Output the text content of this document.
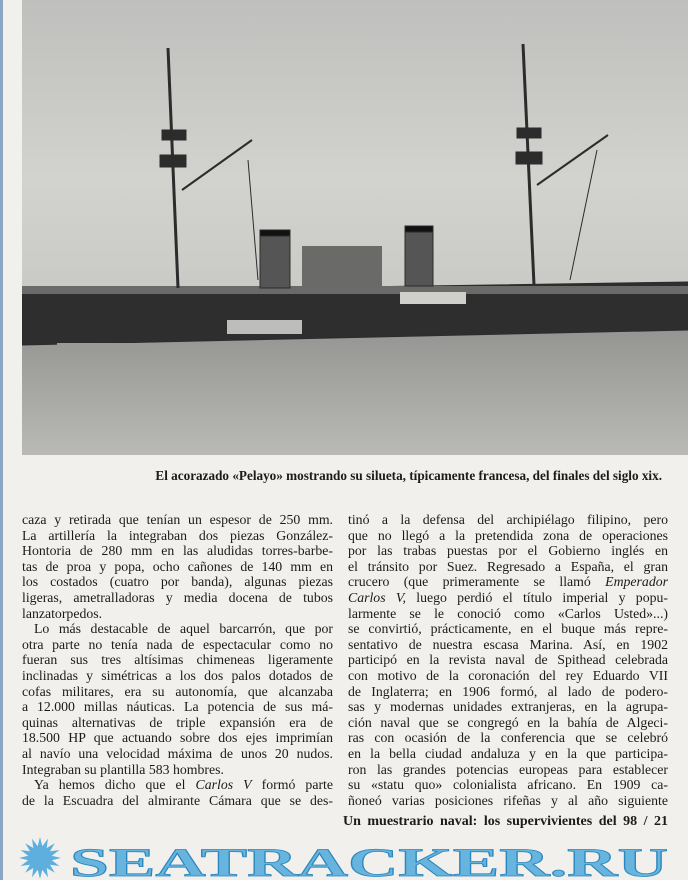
El acorazado «Pelayo» mostrando su silueta, típicamente francesa, del finales del siglo xix.
caza y retirada que tenían un espesor de 250 mm.
La artillería la integraban dos piezas González-
Hontoria de 280 mm en las aludidas torres-barbe-
tas de proa y popa, ocho cañones de 140 mm en
los costados (cuatro por banda), algunas piezas
ligeras, ametralladoras y media docena de tubos
lanzatorpedos.
Lo más destacable de aquel barcarrón, que por
otra parte no tenía nada de espectacular como no
fueran sus tres altísimas chimeneas ligeramente
inclinadas y simétricas a los dos palos dotados de
cofas militares, era su autonomía, que alcanzaba
a 12.000 millas náuticas. La potencia de sus má-
quinas alternativas de triple expansión era de
18.500 HP que actuando sobre dos ejes imprimían
al navío una velocidad máxima de unos 20 nudos.
Integraban su plantilla 583 hombres.
Ya hemos dicho que el Carlos V formó parte
de la Escuadra del almirante Cámara que se des-
tinó a la defensa del archipiélago filipino, pero
que no llegó a la pretendida zona de operaciones
por las trabas puestas por el Gobierno inglés en
el tránsito por Suez. Regresado a España, el gran
crucero (que primeramente se llamó Emperador
Carlos V, luego perdió el título imperial y popu-
larmente se le conoció como «Carlos Usted»...)
se convirtió, prácticamente, en el buque más repre-
sentativo de nuestra escasa Marina. Así, en 1902
participó en la revista naval de Spithead celebrada
con motivo de la coronación del rey Eduardo VII
de Inglaterra; en 1906 formó, al lado de podero-
sas y modernas unidades extranjeras, en la agrupa-
ción naval que se congregó en la bahía de Algeci-
ras con ocasión de la conferencia que se celebró
en la bella ciudad andaluza y en la que participa-
ron las grandes potencias europeas para establecer
su «statu quo» colonialista africano. En 1909 ca-
ñoneó varias posiciones rifeñas y al año siguiente
Un muestrario naval: los supervivientes del 98 / 21
SEATRACKER.RU
